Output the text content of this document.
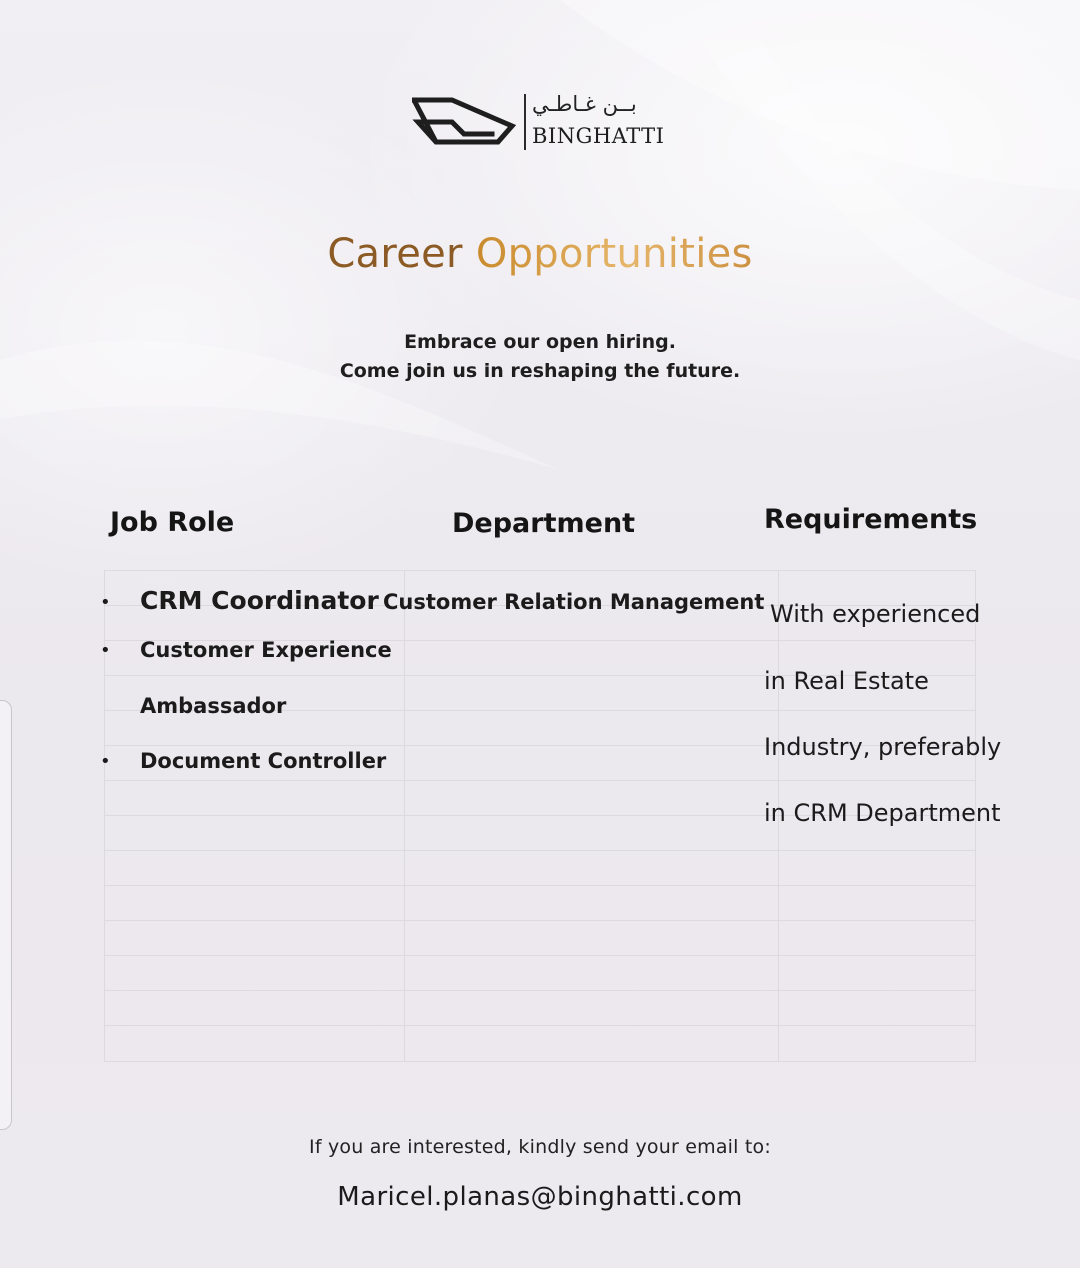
بــن غـاطـي
BINGHATTI
Career Opportunities
Embrace our open hiring.
Come join us in reshaping the future.
Job Role	Department	Requirements
• CRM Coordinator
• Customer Experience
Ambassador
• Document Controller
Customer Relation Management With experienced
in Real Estate
Industry, preferably
in CRM Department
If you are interested, kindly send your email to:
Maricel.planas@binghatti.com
